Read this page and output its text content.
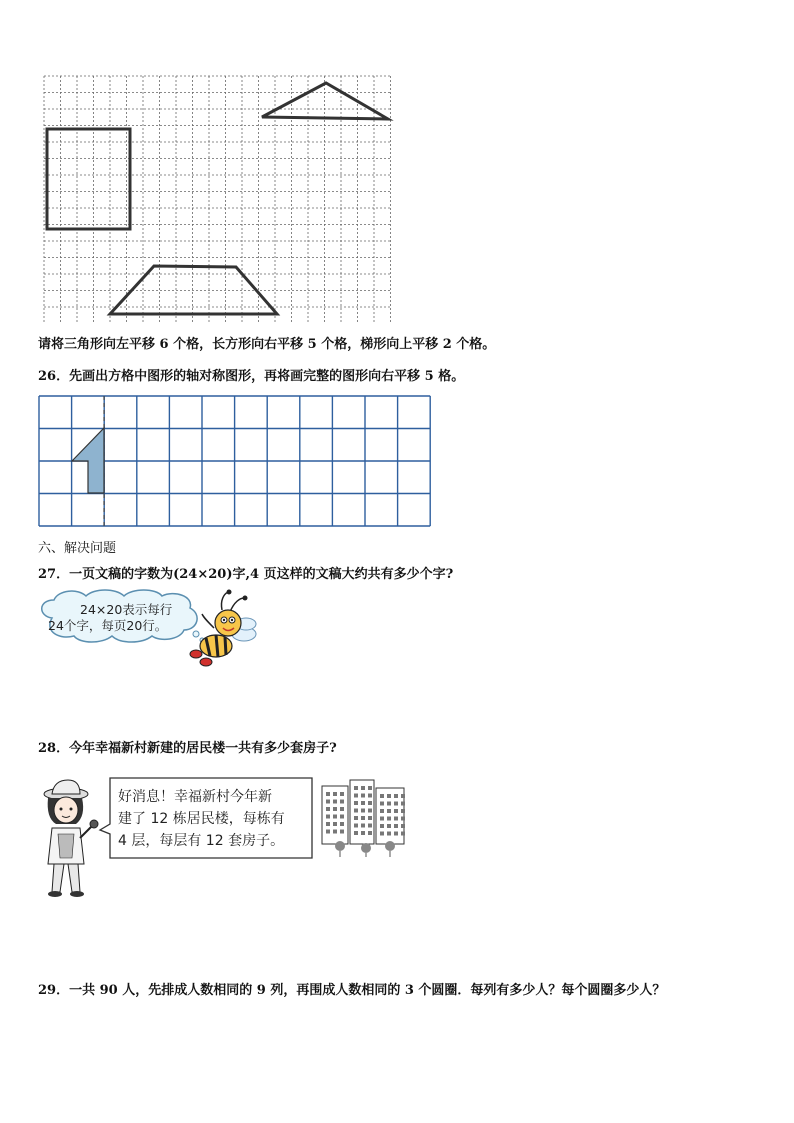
请将三角形向左平移 6 个格，长方形向右平移 5 个格，梯形向上平移 2 个格。
26．先画出方格中图形的轴对称图形，再将画完整的图形向右平移 5 格。
六、解决问题
27．一页文稿的字数为(24×20)字,4 页这样的文稿大约共有多少个字?
24×20表示每行
24个字，每页20行。
28．今年幸福新村新建的居民楼一共有多少套房子?
好消息！幸福新村今年新
建了 12 栋居民楼，每栋有
4 层，每层有 12 套房子。
29．一共 90 人，先排成人数相同的 9 列，再围成人数相同的 3 个圆圈．每列有多少人？每个圆圈多少人？
